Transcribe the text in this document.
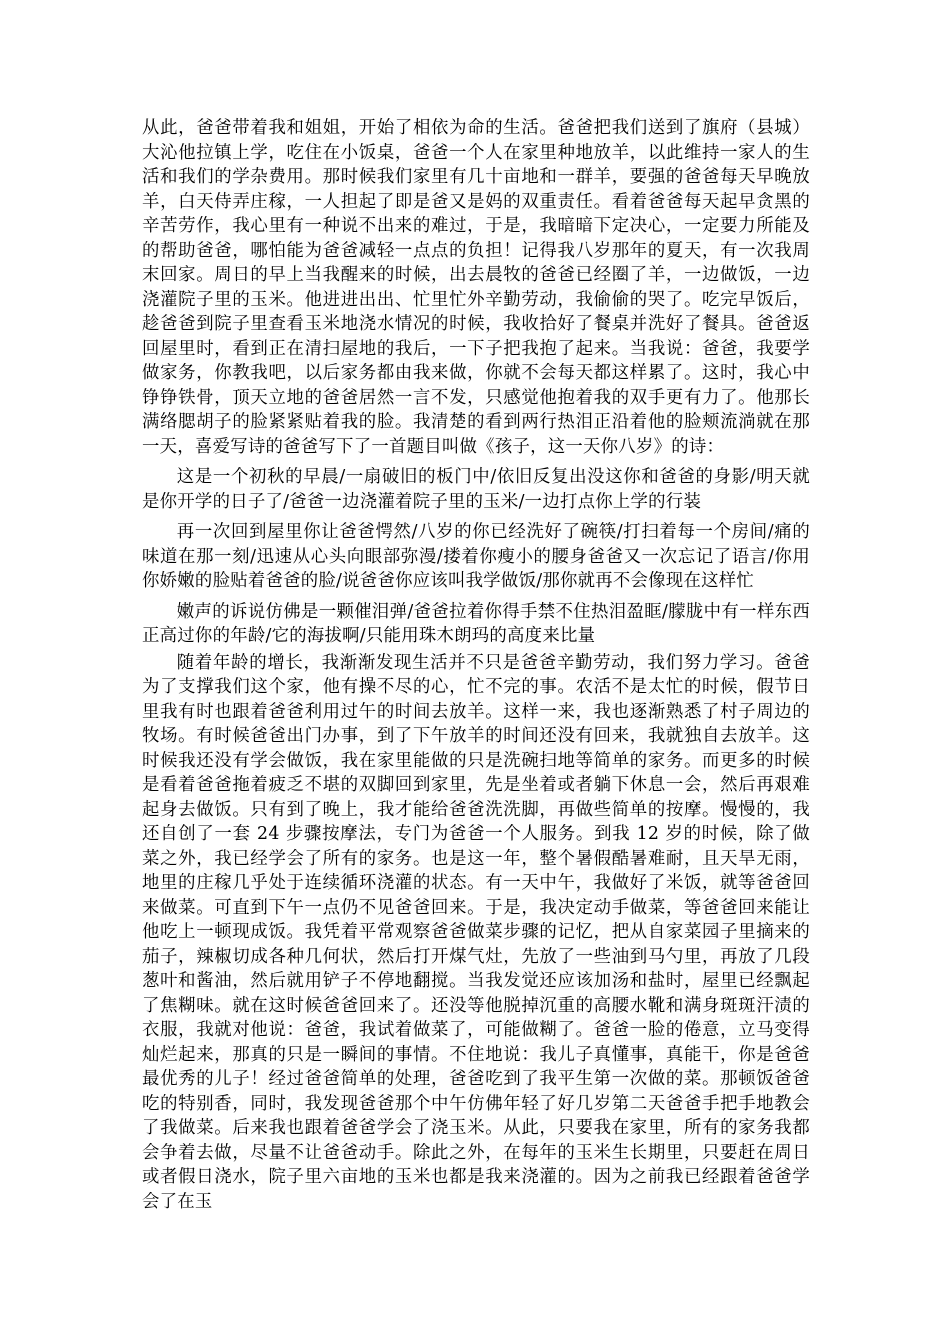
从此，爸爸带着我和姐姐，开始了相依为命的生活。爸爸把我们送到了旗府（县城）大沁他拉镇上学，吃住在小饭桌，爸爸一个人在家里种地放羊，以此维持一家人的生活和我们的学杂费用。那时候我们家里有几十亩地和一群羊，要强的爸爸每天早晚放羊，白天侍弄庄稼，一人担起了即是爸又是妈的双重责任。看着爸爸每天起早贪黑的辛苦劳作，我心里有一种说不出来的难过，于是，我暗暗下定决心，一定要力所能及的帮助爸爸，哪怕能为爸爸减轻一点点的负担！记得我八岁那年的夏天，有一次我周末回家。周日的早上当我醒来的时候，出去晨牧的爸爸已经圈了羊，一边做饭，一边浇灌院子里的玉米。他进进出出、忙里忙外辛勤劳动，我偷偷的哭了。吃完早饭后，趁爸爸到院子里查看玉米地浇水情况的时候，我收拾好了餐桌并洗好了餐具。爸爸返回屋里时，看到正在清扫屋地的我后，一下子把我抱了起来。当我说：爸爸，我要学做家务，你教我吧，以后家务都由我来做，你就不会每天都这样累了。这时，我心中铮铮铁骨，顶天立地的爸爸居然一言不发，只感觉他抱着我的双手更有力了。他那长满络腮胡子的脸紧紧贴着我的脸。我清楚的看到两行热泪正沿着他的脸颊流淌就在那一天，喜爱写诗的爸爸写下了一首题目叫做《孩子，这一天你八岁》的诗：

这是一个初秋的早晨/一扇破旧的板门中/依旧反复出没这你和爸爸的身影/明天就是你开学的日子了/爸爸一边浇灌着院子里的玉米/一边打点你上学的行装

再一次回到屋里你让爸爸愕然/八岁的你已经洗好了碗筷/打扫着每一个房间/痛的味道在那一刻/迅速从心头向眼部弥漫/搂着你瘦小的腰身爸爸又一次忘记了语言/你用你娇嫩的脸贴着爸爸的脸/说爸爸你应该叫我学做饭/那你就再不会像现在这样忙

嫩声的诉说仿佛是一颗催泪弹/爸爸拉着你得手禁不住热泪盈眶/朦胧中有一样东西正高过你的年龄/它的海拔啊/只能用珠木朗玛的高度来比量

随着年龄的增长，我渐渐发现生活并不只是爸爸辛勤劳动，我们努力学习。爸爸为了支撑我们这个家，他有操不尽的心，忙不完的事。农活不是太忙的时候，假节日里我有时也跟着爸爸利用过午的时间去放羊。这样一来，我也逐渐熟悉了村子周边的牧场。有时候爸爸出门办事，到了下午放羊的时间还没有回来，我就独自去放羊。这时候我还没有学会做饭，我在家里能做的只是洗碗扫地等简单的家务。而更多的时候是看着爸爸拖着疲乏不堪的双脚回到家里，先是坐着或者躺下休息一会，然后再艰难起身去做饭。只有到了晚上，我才能给爸爸洗洗脚，再做些简单的按摩。慢慢的，我还自创了一套 24 步骤按摩法，专门为爸爸一个人服务。到我 12 岁的时候，除了做菜之外，我已经学会了所有的家务。也是这一年，整个暑假酷暑难耐，且天旱无雨，地里的庄稼几乎处于连续循环浇灌的状态。有一天中午，我做好了米饭，就等爸爸回来做菜。可直到下午一点仍不见爸爸回来。于是，我决定动手做菜，等爸爸回来能让他吃上一顿现成饭。我凭着平常观察爸爸做菜步骤的记忆，把从自家菜园子里摘来的茄子，辣椒切成各种几何状，然后打开煤气灶，先放了一些油到马勺里，再放了几段葱叶和酱油，然后就用铲子不停地翻搅。当我发觉还应该加汤和盐时，屋里已经飘起了焦糊味。就在这时候爸爸回来了。还没等他脱掉沉重的高腰水靴和满身斑斑汗渍的衣服，我就对他说：爸爸，我试着做菜了，可能做糊了。爸爸一脸的倦意，立马变得灿烂起来，那真的只是一瞬间的事情。不住地说：我儿子真懂事，真能干，你是爸爸最优秀的儿子！经过爸爸简单的处理，爸爸吃到了我平生第一次做的菜。那顿饭爸爸吃的特别香，同时，我发现爸爸那个中午仿佛年轻了好几岁第二天爸爸手把手地教会了我做菜。后来我也跟着爸爸学会了浇玉米。从此，只要我在家里，所有的家务我都会争着去做，尽量不让爸爸动手。除此之外，在每年的玉米生长期里，只要赶在周日或者假日浇水，院子里六亩地的玉米也都是我来浇灌的。因为之前我已经跟着爸爸学会了在玉
